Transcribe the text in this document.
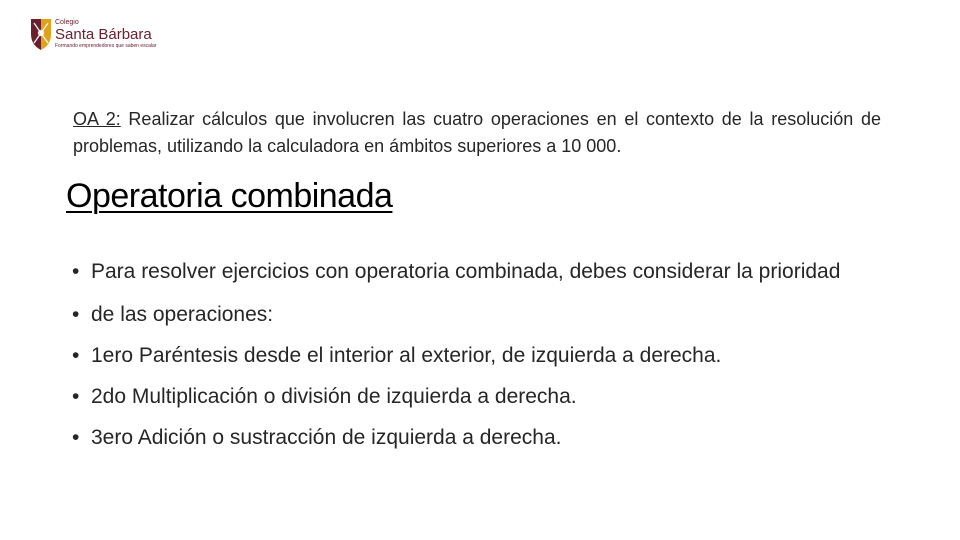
Colegio
Santa Bárbara
Formando emprendedores que saben escalar

OA 2: Realizar cálculos que involucren las cuatro operaciones en el contexto de la resolución de problemas, utilizando la calculadora en ámbitos superiores a 10 000.

Operatoria combinada
• Para resolver ejercicios con operatoria combinada, debes considerar la prioridad
• de las operaciones:
• 1ero Paréntesis desde el interior al exterior, de izquierda a derecha.
• 2do Multiplicación o división de izquierda a derecha.
• 3ero Adición o sustracción de izquierda a derecha.
